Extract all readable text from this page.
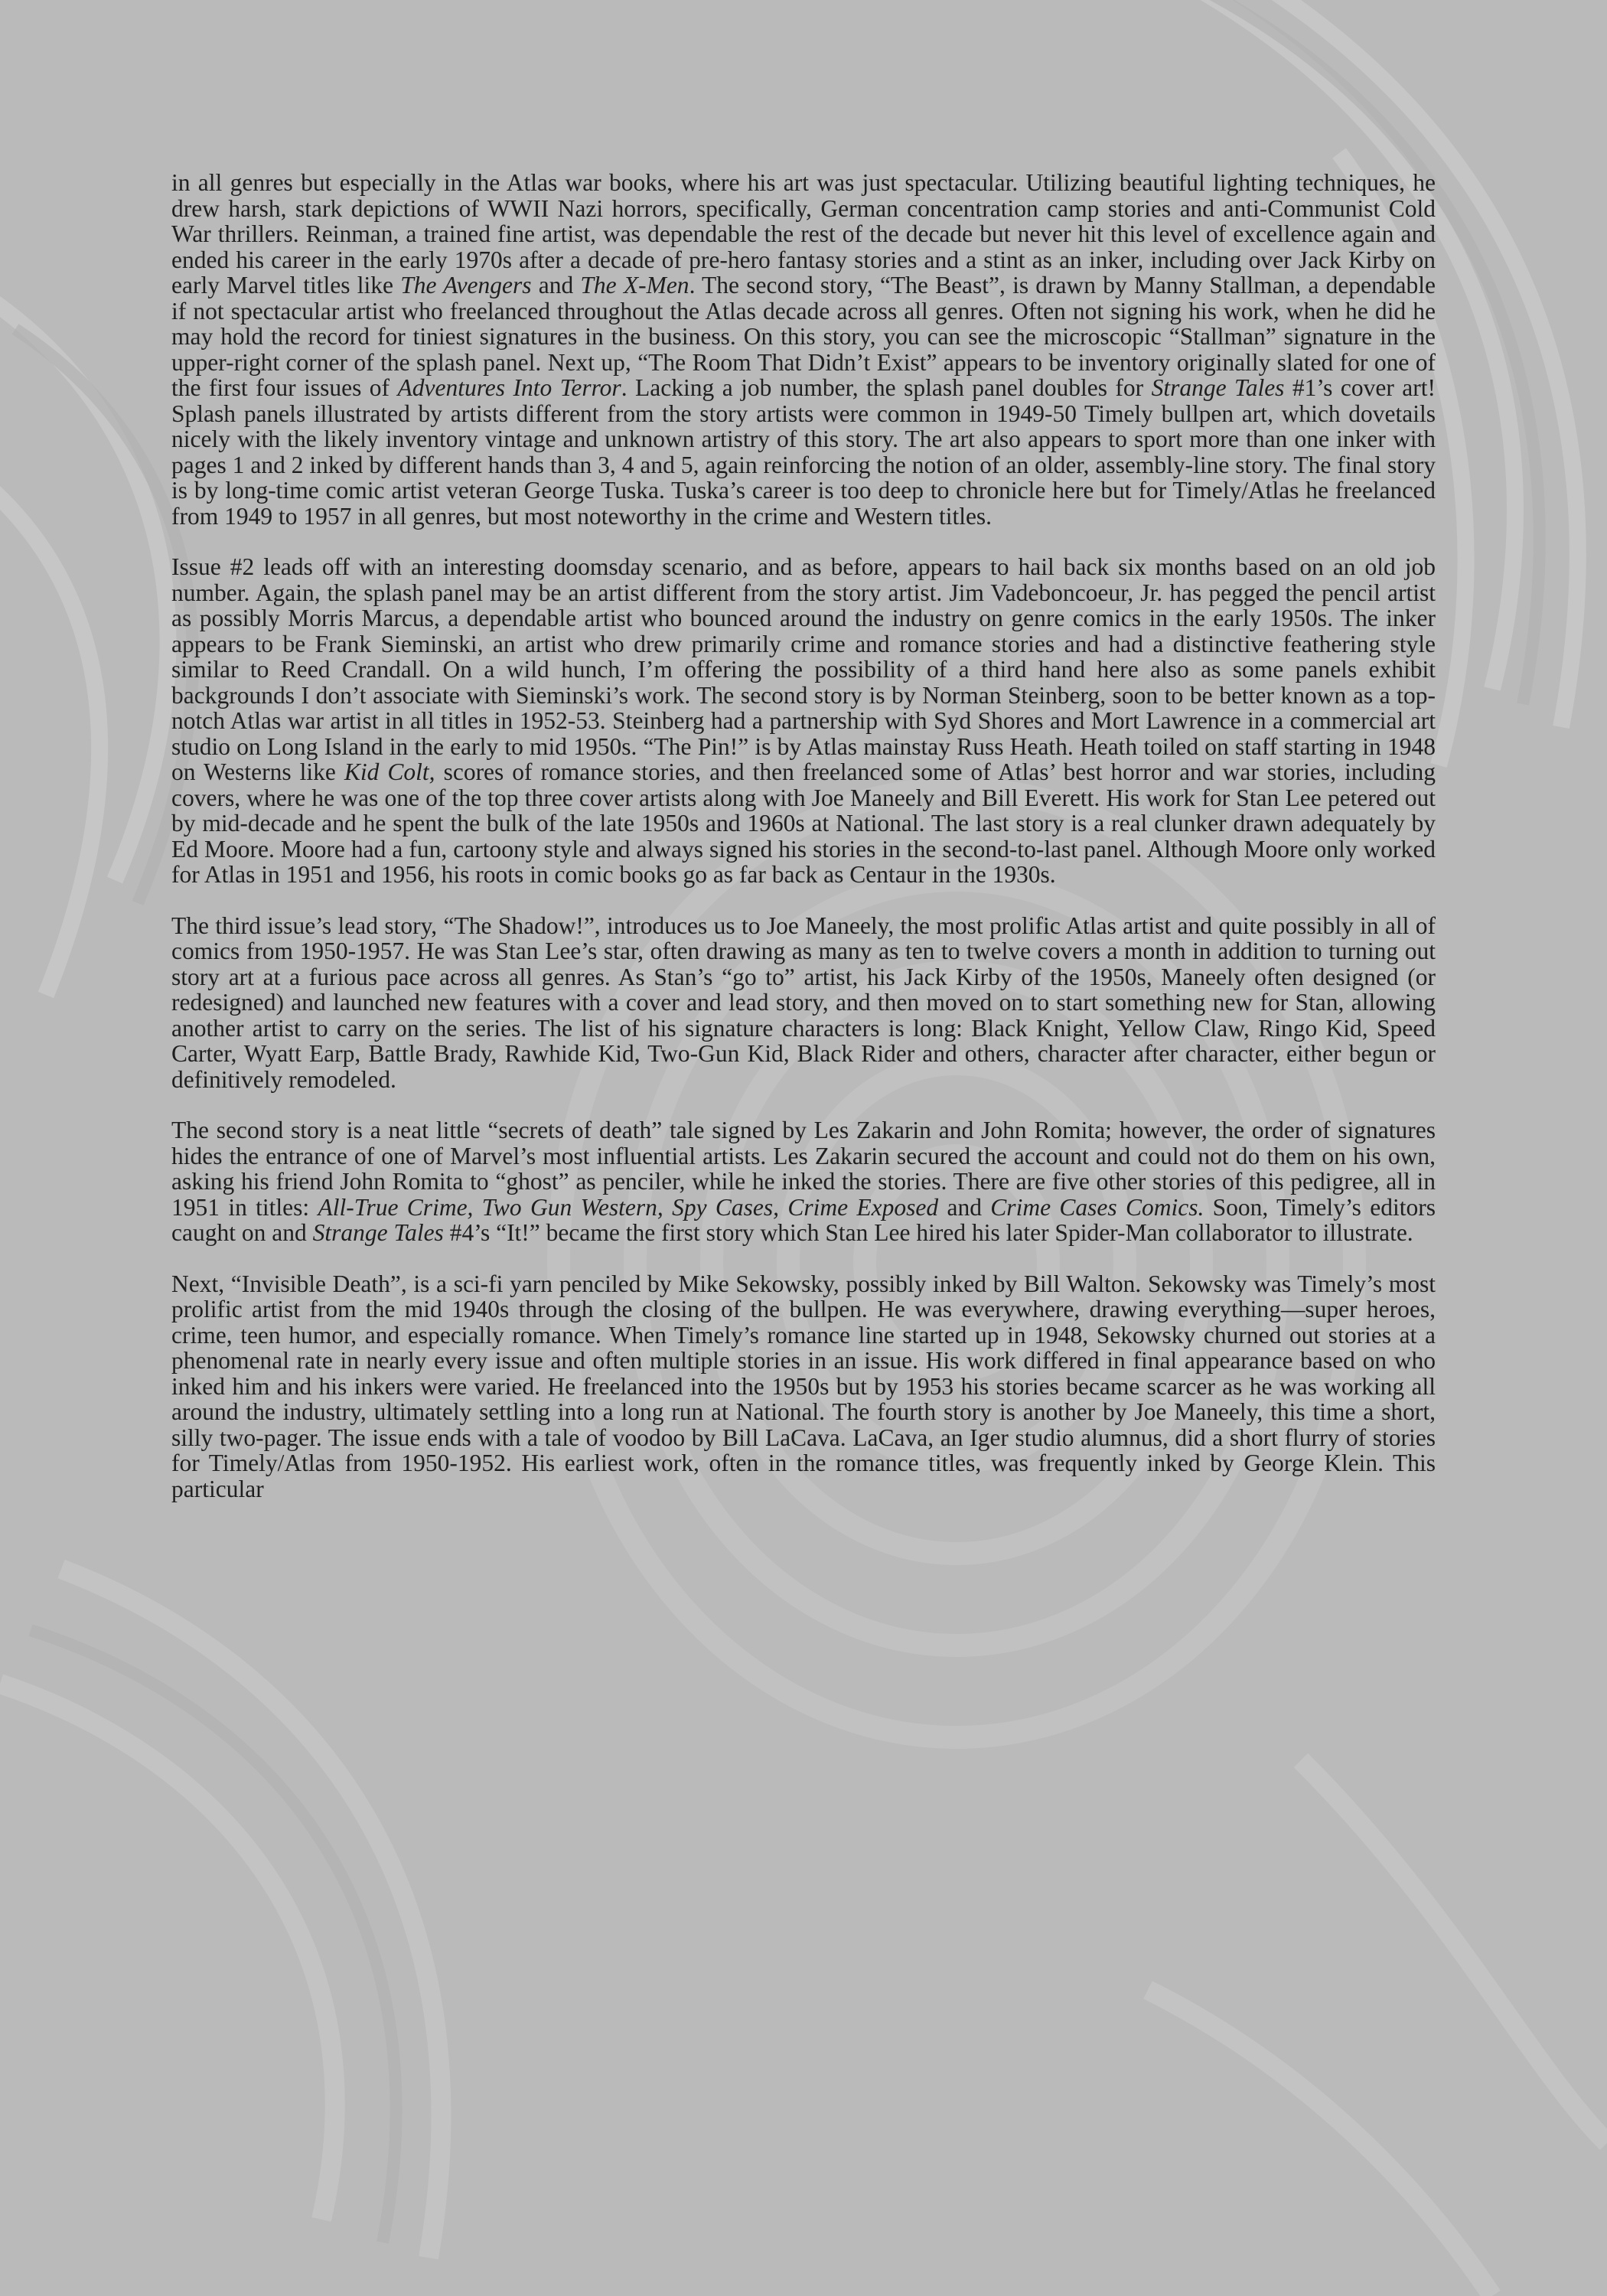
in all genres but especially in the Atlas war books, where his art was just spectacular. Utilizing beautiful lighting techniques, he drew harsh, stark depictions of WWII Nazi horrors, specifically, German concentration camp stories and anti-Communist Cold War thrillers. Reinman, a trained fine artist, was dependable the rest of the decade but never hit this level of excellence again and ended his career in the early 1970s after a decade of pre-hero fantasy stories and a stint as an inker, including over Jack Kirby on early Marvel titles like The Avengers and The X-Men. The second story, “The Beast”, is drawn by Manny Stallman, a dependable if not spectacular artist who freelanced throughout the Atlas decade across all genres. Often not signing his work, when he did he may hold the record for tiniest signatures in the business. On this story, you can see the microscopic “Stallman” signature in the upper-right corner of the splash panel. Next up, “The Room That Didn’t Exist” appears to be inventory originally slated for one of the first four issues of Adventures Into Terror. Lacking a job number, the splash panel doubles for Strange Tales #1’s cover art! Splash panels illustrated by artists different from the story artists were common in 1949-50 Timely bullpen art, which dovetails nicely with the likely inventory vintage and unknown artistry of this story. The art also appears to sport more than one inker with pages 1 and 2 inked by different hands than 3, 4 and 5, again reinforcing the notion of an older, assembly-line story. The final story is by long-time comic artist veteran George Tuska. Tuska’s career is too deep to chronicle here but for Timely/Atlas he freelanced from 1949 to 1957 in all genres, but most noteworthy in the crime and Western titles.

Issue #2 leads off with an interesting doomsday scenario, and as before, appears to hail back six months based on an old job number. Again, the splash panel may be an artist different from the story artist. Jim Vadeboncoeur, Jr. has pegged the pencil artist as possibly Morris Marcus, a dependable artist who bounced around the industry on genre comics in the early 1950s. The inker appears to be Frank Sieminski, an artist who drew primarily crime and romance stories and had a distinctive feathering style similar to Reed Crandall. On a wild hunch, I’m offering the possibility of a third hand here also as some panels exhibit backgrounds I don’t associate with Sieminski’s work. The second story is by Norman Steinberg, soon to be better known as a top-notch Atlas war artist in all titles in 1952-53. Steinberg had a partnership with Syd Shores and Mort Lawrence in a commercial art studio on Long Island in the early to mid 1950s. “The Pin!” is by Atlas mainstay Russ Heath. Heath toiled on staff starting in 1948 on Westerns like Kid Colt, scores of romance stories, and then freelanced some of Atlas’ best horror and war stories, including covers, where he was one of the top three cover artists along with Joe Maneely and Bill Everett. His work for Stan Lee petered out by mid-decade and he spent the bulk of the late 1950s and 1960s at National. The last story is a real clunker drawn adequately by Ed Moore. Moore had a fun, cartoony style and always signed his stories in the second-to-last panel. Although Moore only worked for Atlas in 1951 and 1956, his roots in comic books go as far back as Centaur in the 1930s.

The third issue’s lead story, “The Shadow!”, introduces us to Joe Maneely, the most prolific Atlas artist and quite possibly in all of comics from 1950-1957. He was Stan Lee’s star, often drawing as many as ten to twelve covers a month in addition to turning out story art at a furious pace across all genres. As Stan’s “go to” artist, his Jack Kirby of the 1950s, Maneely often designed (or redesigned) and launched new features with a cover and lead story, and then moved on to start something new for Stan, allowing another artist to carry on the series. The list of his signature characters is long: Black Knight, Yellow Claw, Ringo Kid, Speed Carter, Wyatt Earp, Battle Brady, Rawhide Kid, Two-Gun Kid, Black Rider and others, character after character, either begun or definitively remodeled.

The second story is a neat little “secrets of death” tale signed by Les Zakarin and John Romita; however, the order of signatures hides the entrance of one of Marvel’s most influential artists. Les Zakarin secured the account and could not do them on his own, asking his friend John Romita to “ghost” as penciler, while he inked the stories. There are five other stories of this pedigree, all in 1951 in titles: All-True Crime, Two Gun Western, Spy Cases, Crime Exposed and Crime Cases Comics. Soon, Timely’s editors caught on and Strange Tales #4’s “It!” became the first story which Stan Lee hired his later Spider-Man collaborator to illustrate.

Next, “Invisible Death”, is a sci-fi yarn penciled by Mike Sekowsky, possibly inked by Bill Walton. Sekowsky was Timely’s most prolific artist from the mid 1940s through the closing of the bullpen. He was everywhere, drawing everything—super heroes, crime, teen humor, and especially romance. When Timely’s romance line started up in 1948, Sekowsky churned out stories at a phenomenal rate in nearly every issue and often multiple stories in an issue. His work differed in final appearance based on who inked him and his inkers were varied. He freelanced into the 1950s but by 1953 his stories became scarcer as he was working all around the industry, ultimately settling into a long run at National. The fourth story is another by Joe Maneely, this time a short, silly two-pager. The issue ends with a tale of voodoo by Bill LaCava. LaCava, an Iger studio alumnus, did a short flurry of stories for Timely/Atlas from 1950-1952. His earliest work, often in the romance titles, was frequently inked by George Klein. This particular
